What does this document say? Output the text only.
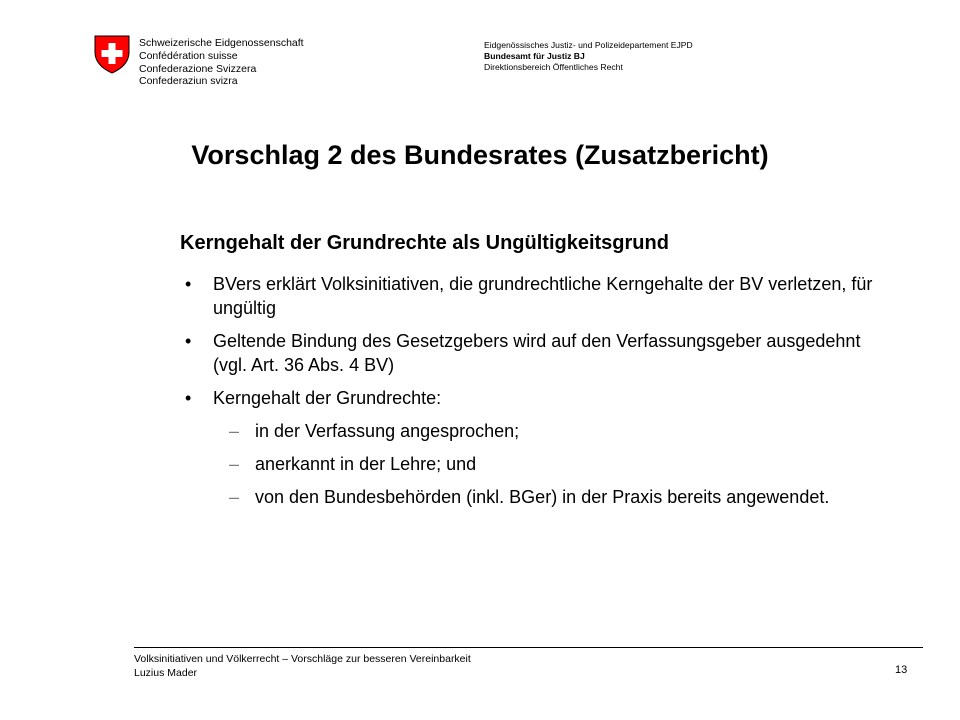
Schweizerische Eidgenossenschaft
Confédération suisse
Confederazione Svizzera
Confederaziun svizra
Eidgenössisches Justiz- und Polizeidepartement EJPD
Bundesamt für Justiz BJ
Direktionsbereich Öffentliches Recht
Vorschlag 2 des Bundesrates (Zusatzbericht)
Kerngehalt der Grundrechte als Ungültigkeitsgrund
• BVers erklärt Volksinitiativen, die grundrechtliche Kerngehalte der BV verletzen, für ungültig
• Geltende Bindung des Gesetzgebers wird auf den Verfassungsgeber ausgedehnt (vgl. Art. 36 Abs. 4 BV)
• Kerngehalt der Grundrechte:
– in der Verfassung angesprochen;
– anerkannt in der Lehre; und
– von den Bundesbehörden (inkl. BGer) in der Praxis bereits angewendet.
Volksinitiativen und Völkerrecht – Vorschläge zur besseren Vereinbarkeit
Luzius Mader	13
